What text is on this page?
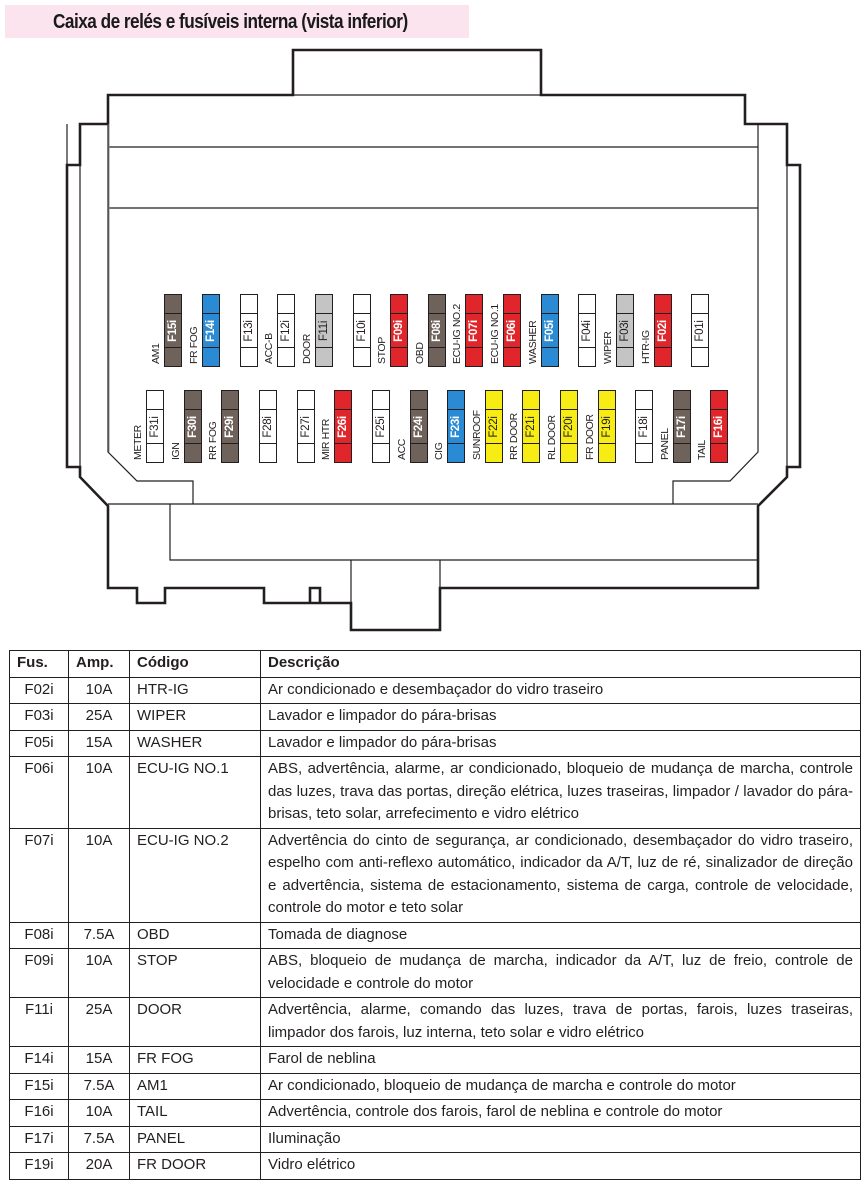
Caixa de relés e fusíveis interna (vista inferior)
F15i
AM1
F14i
FR FOG	F13i F12i
ACC-B
F11i
DOOR
F10i F09i
STOP
F08i
OBD
F07i
ECU-IG NO.2	F06i
ECU-IG NO.1	F05i
WASHER	F04i F03i
WIPER
F02i
HTR-IG	F01i
F31i
METER	F30i
IGN
F29i
RR FOG	F28i F27i F26i
MIR HTR	F25i F24i
ACC
F23i
CIG
F22i
SUNROOF	F21i
RR DOOR	F20i
RL DOOR	F19i
FR DOOR	F18i F17i
PANEL
F16i
TAIL
Fus.	Amp.	Código	Descrição
F02i	10A	HTR-IG	Ar condicionado e desembaçador do vidro traseiro
F03i	25A	WIPER	Lavador e limpador do pára-brisas
F05i	15A	WASHER	Lavador e limpador do pára-brisas
F06i	10A	ECU-IG NO.1	ABS, advertência, alarme, ar condicionado, bloqueio de mudança de marcha, controle das luzes, trava das portas, direção elétrica, luzes traseiras, limpador / lavador do pára-brisas, teto solar, arrefecimento e vidro elétrico
F07i	10A	ECU-IG NO.2	Advertência do cinto de segurança, ar condicionado, desembaçador do vidro traseiro, espelho com anti-reflexo automático, indicador da A/T, luz de ré, sinalizador de direção e advertência, sistema de estacionamento, sistema de carga, controle de velocidade, controle do motor e teto solar
F08i	7.5A	OBD	Tomada de diagnose
F09i	10A	STOP	ABS, bloqueio de mudança de marcha, indicador da A/T, luz de freio, controle de velocidade e controle do motor
F11i	25A	DOOR	Advertência, alarme, comando das luzes, trava de portas, farois, luzes traseiras, limpador dos farois, luz interna, teto solar e vidro elétrico
F14i	15A	FR FOG	Farol de neblina
F15i	7.5A	AM1	Ar condicionado, bloqueio de mudança de marcha e controle do motor
F16i	10A	TAIL	Advertência, controle dos farois, farol de neblina e controle do motor
F17i	7.5A	PANEL	Iluminação
F19i	20A	FR DOOR	Vidro elétrico
